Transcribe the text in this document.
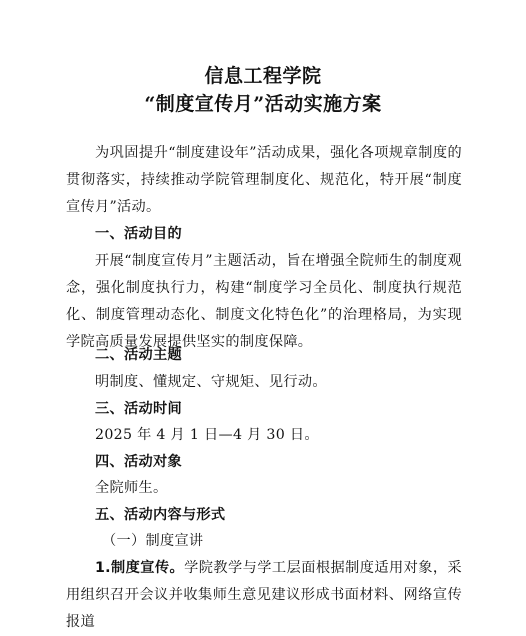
信息工程学院
“制度宣传月”活动实施方案
为巩固提升“制度建设年”活动成果，强化各项规章制度的贯彻落实，持续推动学院管理制度化、规范化，特开展“制度宣传月”活动。
一、活动目的
开展“制度宣传月”主题活动，旨在增强全院师生的制度观念，强化制度执行力，构建“制度学习全员化、制度执行规范化、制度管理动态化、制度文化特色化”的治理格局，为实现学院高质量发展提供坚实的制度保障。
二、活动主题
明制度、懂规定、守规矩、见行动。
三、活动时间
2025 年 4 月 1 日—4 月 30 日。
四、活动对象
全院师生。
五、活动内容与形式
（一）制度宣讲
1.制度宣传。学院教学与学工层面根据制度适用对象，采用组织召开会议并收集师生意见建议形成书面材料、网络宣传报道
